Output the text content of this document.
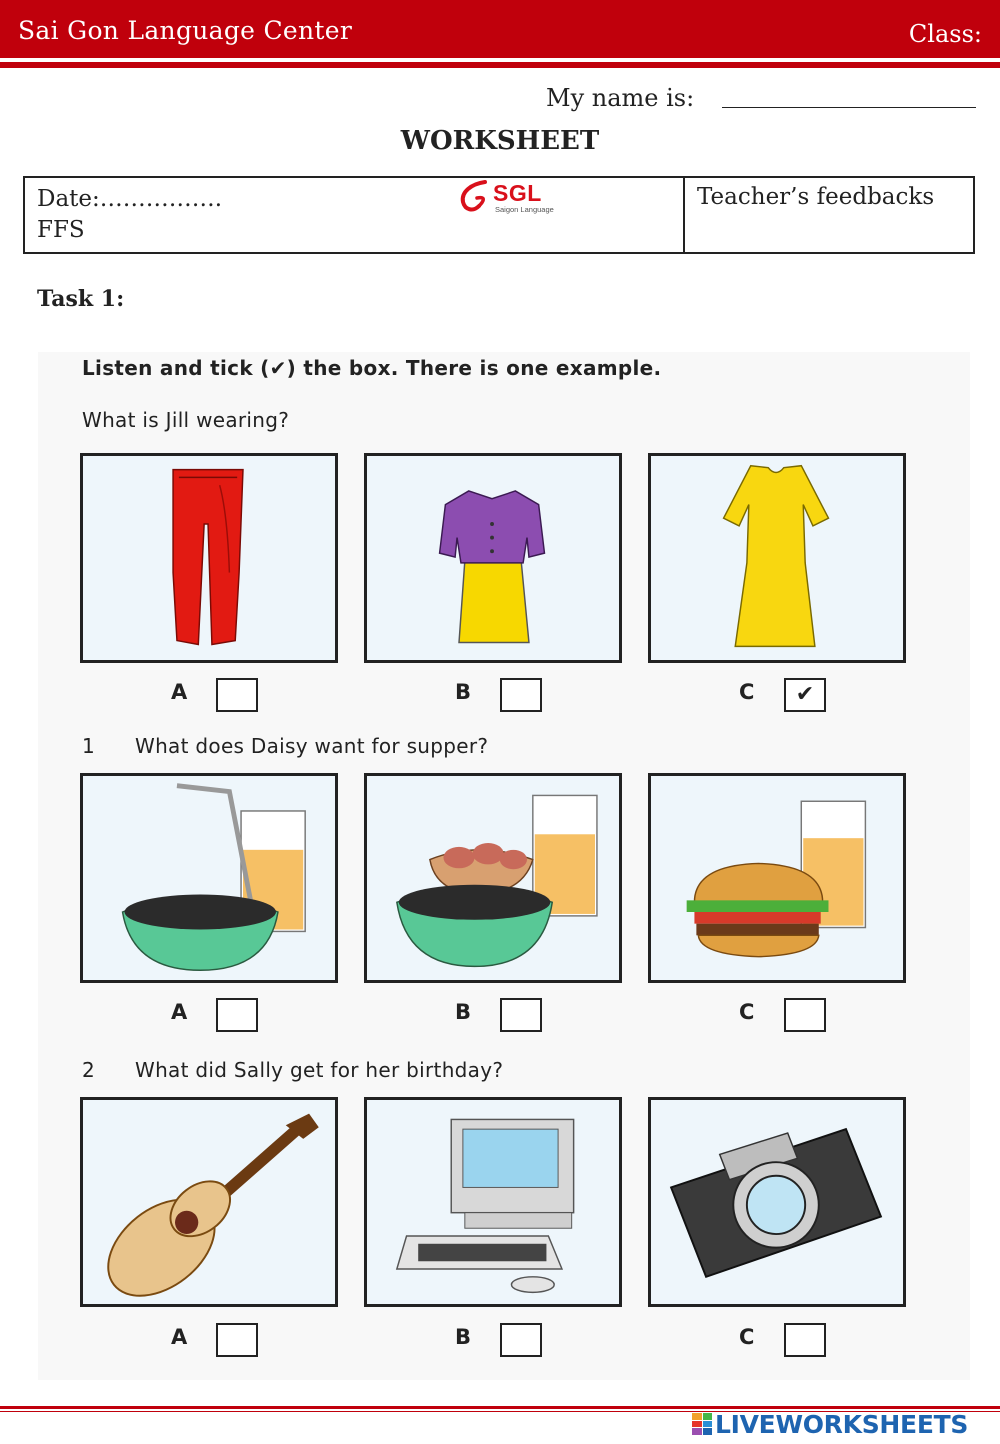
Sai Gon Language Center	Class:
My name is:
WORKSHEET
Date:…………….
FFS
SGL
Saigon Language	Teacher’s feedbacks
Task 1:
Listen and tick (✔) the box. There is one example.
What is Jill wearing?
A	B	C	✔
1 What does Daisy want for supper?
A	B	C
2 What did Sally get for her birthday?
A	B	C
LIVEWORKSHEETS
